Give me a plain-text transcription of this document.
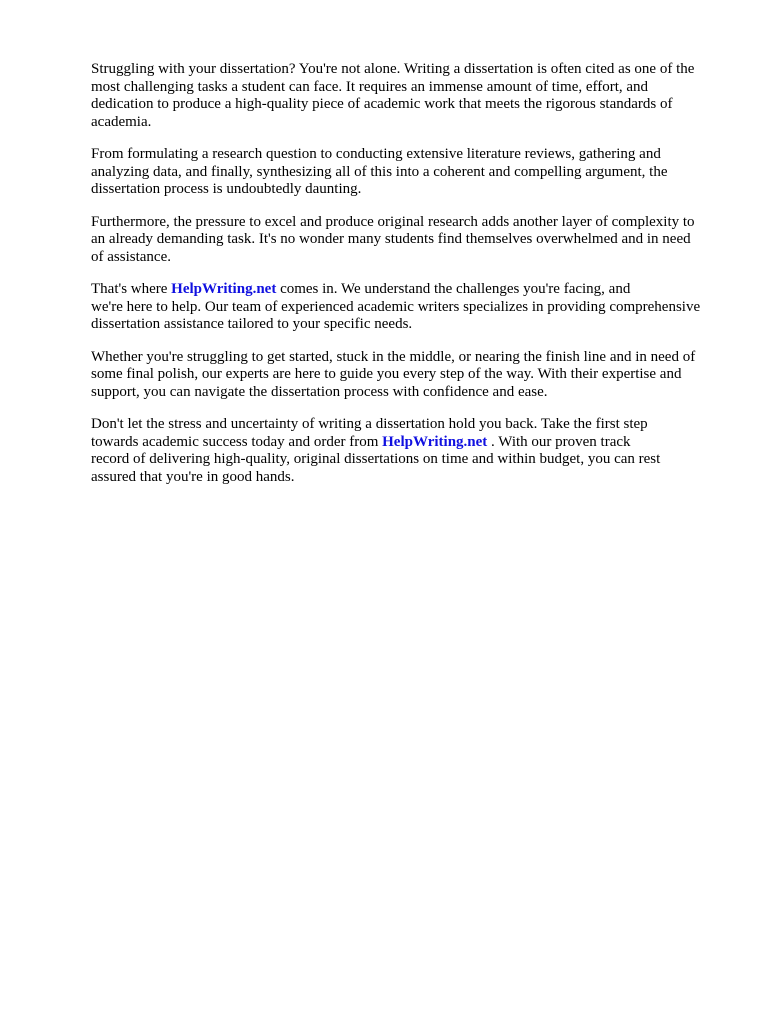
Struggling with your dissertation? You're not alone. Writing a dissertation is often cited as one of the
most challenging tasks a student can face. It requires an immense amount of time, effort, and
dedication to produce a high-quality piece of academic work that meets the rigorous standards of
academia.

From formulating a research question to conducting extensive literature reviews, gathering and
analyzing data, and finally, synthesizing all of this into a coherent and compelling argument, the
dissertation process is undoubtedly daunting.

Furthermore, the pressure to excel and produce original research adds another layer of complexity to
an already demanding task. It's no wonder many students find themselves overwhelmed and in need
of assistance.

That's where HelpWriting.net comes in. We understand the challenges you're facing, and
we're here to help. Our team of experienced academic writers specializes in providing comprehensive
dissertation assistance tailored to your specific needs.

Whether you're struggling to get started, stuck in the middle, or nearing the finish line and in need of
some final polish, our experts are here to guide you every step of the way. With their expertise and
support, you can navigate the dissertation process with confidence and ease.

Don't let the stress and uncertainty of writing a dissertation hold you back. Take the first step
towards academic success today and order from HelpWriting.net . With our proven track
record of delivering high-quality, original dissertations on time and within budget, you can rest
assured that you're in good hands.
